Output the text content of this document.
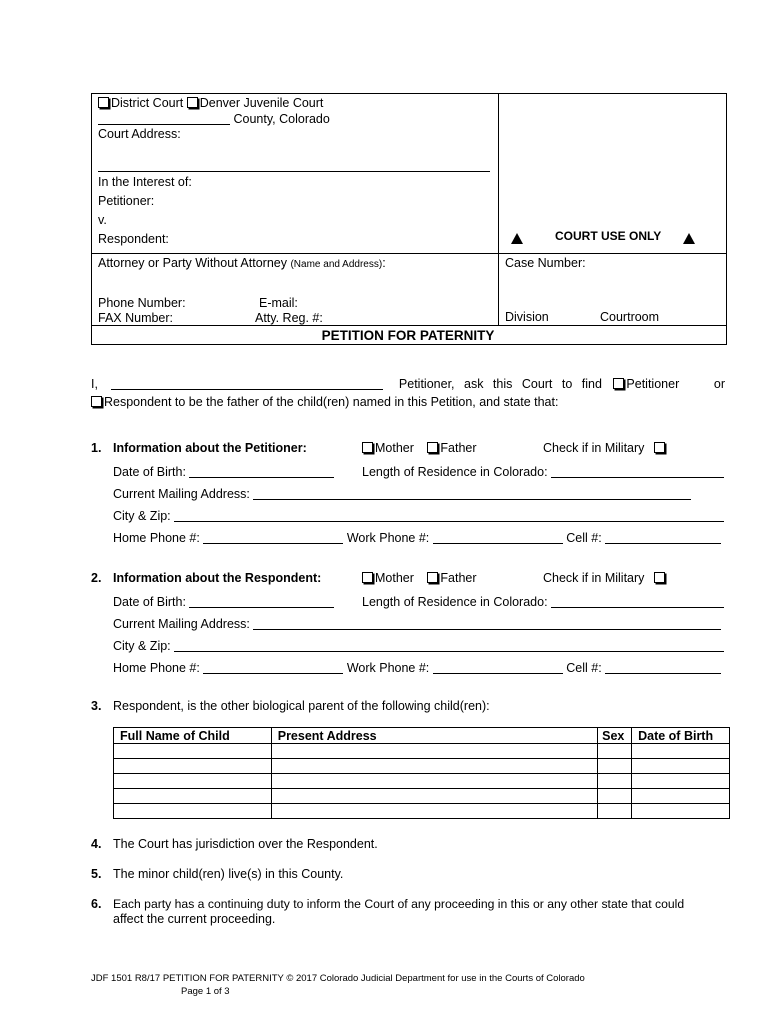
District Court Denver Juvenile Court
County, Colorado
Court Address:
In the Interest of:
Petitioner:
v.
Respondent:	COURT USE ONLY
Attorney or Party Without Attorney (Name and Address):	Case Number:
Phone Number:	E-mail:
FAX Number:	Atty. Reg. #:	Division	Courtroom
PETITION FOR PATERNITY
I,	Petitioner, ask this Court to find Petitioner	or
Respondent to be the father of the child(ren) named in this Petition, and state that:
1. Information about the Petitioner:	Mother Father	Check if in Military
Date of Birth:	Length of Residence in Colorado:
Current Mailing Address:
City & Zip:
Home Phone #:	Work Phone #:	Cell #:
2. Information about the Respondent:	Mother Father	Check if in Military
Date of Birth:	Length of Residence in Colorado:
Current Mailing Address:
City & Zip:
Home Phone #:	Work Phone #:	Cell #:
3. Respondent, is the other biological parent of the following child(ren):
Full Name of Child	Present Address	Sex	Date of Birth

4. The Court has jurisdiction over the Respondent.
5. The minor child(ren) live(s) in this County.
6. Each party has a continuing duty to inform the Court of any proceeding in this or any other state that could
affect the current proceeding.
JDF 1501 R8/17 PETITION FOR PATERNITY © 2017 Colorado Judicial Department for use in the Courts of Colorado
Page 1 of 3
